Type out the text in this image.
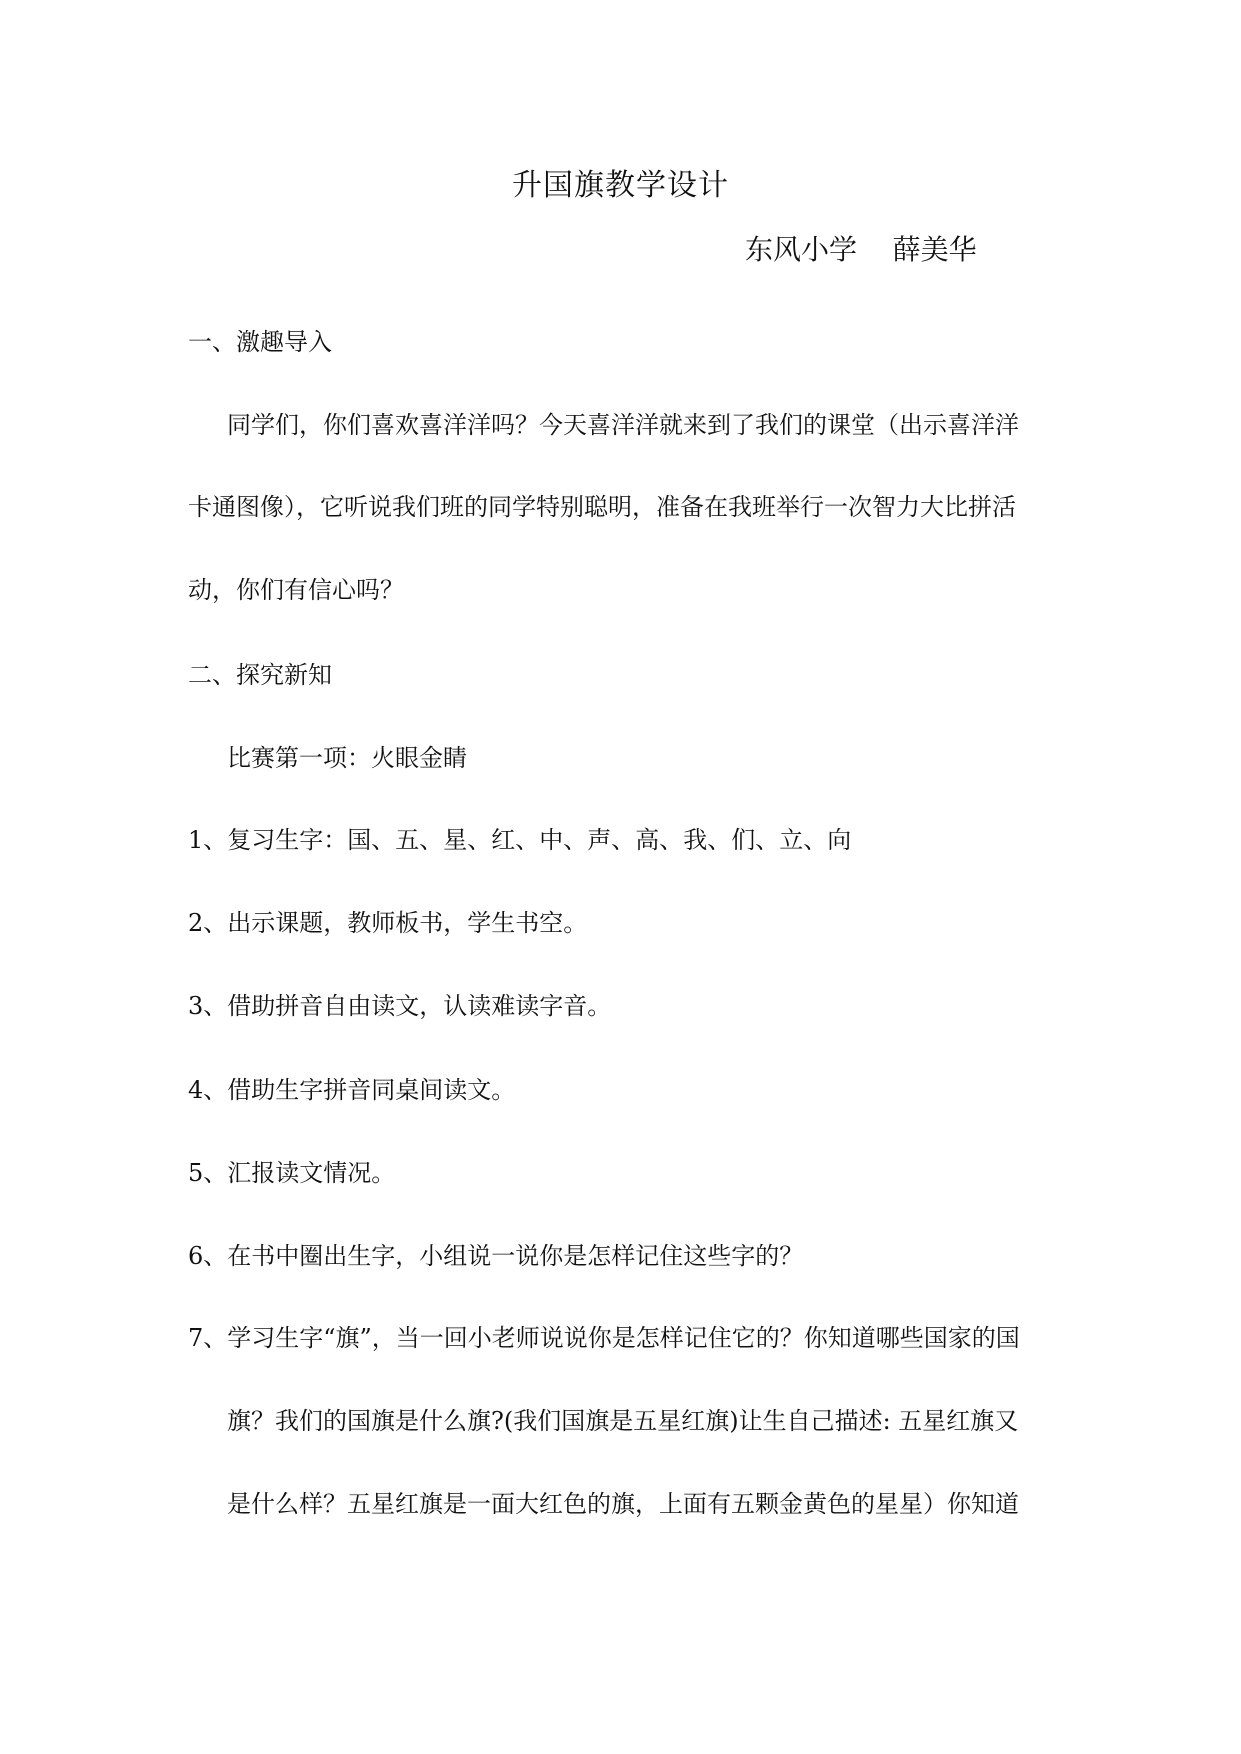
升国旗教学设计
东风小学    薛美华
一、激趣导入
同学们，你们喜欢喜洋洋吗？今天喜洋洋就来到了我们的课堂（出示喜洋洋
卡通图像），它听说我们班的同学特别聪明，准备在我班举行一次智力大比拼活
动，你们有信心吗？
二、探究新知
比赛第一项：火眼金睛
1、复习生字：国、五、星、红、中、声、高、我、们、立、向
2、出示课题，教师板书，学生书空。
3、借助拼音自由读文，认读难读字音。
4、借助生字拼音同桌间读文。
5、汇报读文情况。
6、在书中圈出生字，小组说一说你是怎样记住这些字的？
7、学习生字“旗”，当一回小老师说说你是怎样记住它的？你知道哪些国家的国
旗？我们的国旗是什么旗?(我们国旗是五星红旗)让生自己描述: 五星红旗又
是什么样？五星红旗是一面大红色的旗，上面有五颗金黄色的星星）你知道
